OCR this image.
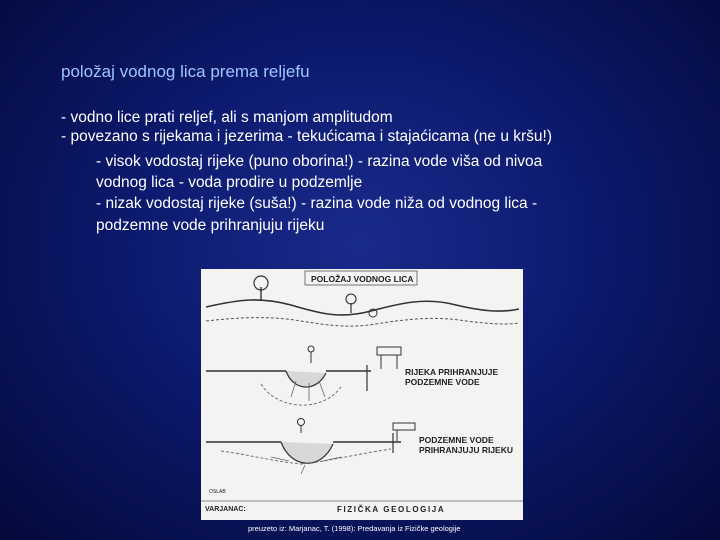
položaj vodnog lica prema reljefu
- vodno lice prati reljef, ali s manjom amplitudom
- povezano s rijekama i jezerima - tekućicama i stajaćicama (ne u kršu!)
- visok vodostaj rijeke (puno oborina!) - razina vode viša od nivoa
vodnog lica - voda prodire u podzemlje
- nizak vodostaj rijeke (suša!) - razina vode niža od vodnog lica -
podzemne vode prihranjuju rijeku
POLOŽAJ VODNOG LICA
RIJEKA PRIHRANJUJE
PODZEMNE VODE
PODZEMNE VODE
PRIHRANJUJU RIJEKU
OSLAB
VARJANAC:	FIZIČKA GEOLOGIJA
preuzeto iz: Marjanac, T. (1998): Predavanja iz Fizičke geologije
